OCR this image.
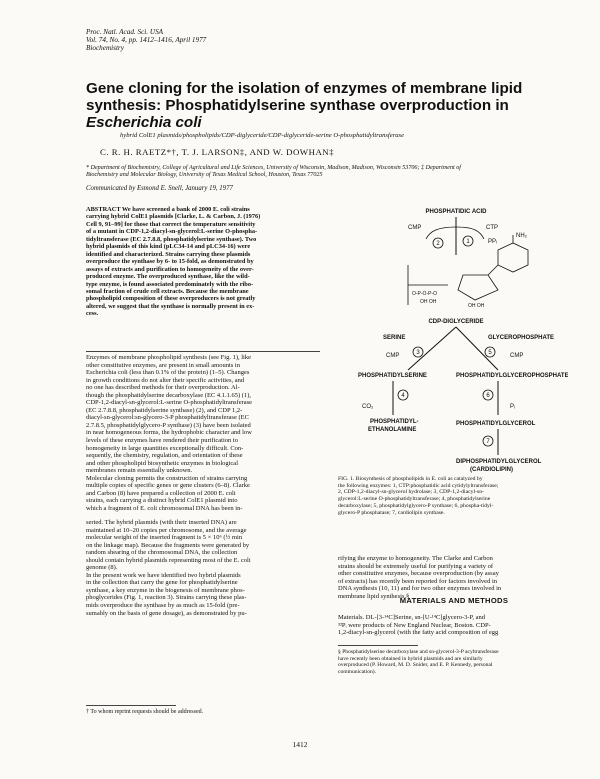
Proc. Natl. Acad. Sci. USA
Vol. 74, No. 4, pp. 1412–1416, April 1977
Biochemistry
Gene cloning for the isolation of enzymes of membrane lipid
synthesis: Phosphatidylserine synthase overproduction in
Escherichia coli
hybrid ColE1 plasmids/phospholipids/CDP-diglyceride/CDP-diglyceride-serine O-phosphatidyltransferase
C. R. H. RAETZ*†, T. J. LARSON‡, AND W. DOWHAN‡
* Department of Biochemistry, College of Agricultural and Life Sciences, University of Wisconsin, Madison, Madison, Wisconsin 53706; ‡ Department of
Biochemistry and Molecular Biology, University of Texas Medical School, Houston, Texas 77025
Communicated by Esmond E. Snell, January 19, 1977
ABSTRACT We have screened a bank of 2000 E. coli strains
carrying hybrid ColE1 plasmids [Clarke, L. & Carbon, J. (1976)
Cell 9, 91–99] for those that correct the temperature sensitivity
of a mutant in CDP-1,2-diacyl-sn-glycerol:L-serine O-phospha-
tidyltransferase (EC 2.7.8.8, phosphatidylserine synthase). Two
hybrid plasmids of this kind (pLC34-14 and pLC34-16) were
identified and characterized. Strains carrying these plasmids
overproduce the synthase by 6- to 15-fold, as demonstrated by
assays of extracts and purification to homogeneity of the over-
produced enzyme. The overproduced synthase, like the wild-
type enzyme, is found associated predominately with the ribo-
somal fraction of crude cell extracts. Because the membrane
phospholipid composition of these overproducers is not greatly
altered, we suggest that the synthase is normally present in ex-
cess.
Enzymes of membrane phospholipid synthesis (see Fig. 1), like
other constitutive enzymes, are present in small amounts in
Escherichia coli (less than 0.1% of the protein) (1–5). Changes
in growth conditions do not alter their specific activities, and
no one has described methods for their overproduction. Al-
though the phosphatidylserine decarboxylase (EC 4.1.1.65) (1),
CDP-1,2-diacyl-sn-glycerol:L-serine O-phosphatidyltransferase
(EC 2.7.8.8, phosphatidylserine synthase) (2), and CDP 1,2-
diacyl-sn-glycerol:sn-glycero-3-P phosphatidyltransferase (EC
2.7.8.5, phosphatidylglycero-P synthase) (3) have been isolated
in near homogeneous forms, the hydrophobic character and low
levels of these enzymes have rendered their purification to
homogeneity in large quantities exceptionally difficult. Con-
sequently, the chemistry, regulation, and orientation of these
and other phospholipid biosynthetic enzymes in biological
membranes remain essentially unknown.
Molecular cloning permits the construction of strains carrying
multiple copies of specific genes or gene clusters (6–8). Clarke
and Carbon (8) have prepared a collection of 2000 E. coli
strains, each carrying a distinct hybrid ColE1 plasmid into
which a fragment of E. coli chromosomal DNA has been in-
serted. The hybrid plasmids (with their inserted DNA) are
maintained at 10–20 copies per chromosome, and the average
molecular weight of the inserted fragment is 5 × 10⁶ (½ min
on the linkage map). Because the fragments were generated by
random shearing of the chromosomal DNA, the collection
should contain hybrid plasmids representing most of the E. coli
genome (8).
In the present work we have identified two hybrid plasmids
in the collection that carry the gene for phosphatidylserine
synthase, a key enzyme in the biogenesis of membrane phos-
phoglycerides (Fig. 1, reaction 3). Strains carrying these plas-
mids overproduce the synthase by as much as 15-fold (pre-
sumably on the basis of gene dosage), as demonstrated by pu-
† To whom reprint requests should be addressed.
PHOSPHATIDIC ACID
CMP	CTP
PPᵢ
2	1
NH₂
O-P-O-P-O
OH OH
OH OH
CDP-DIGLYCERIDE
SERINE	GLYCEROPHOSPHATE
CMP	CMP
3	5
PHOSPHATIDYLSERINE	PHOSPHATIDYLGLYCEROPHOSPHATE
4
CO₂
PHOSPHATIDYL-
ETHANOLAMINE
6
Pᵢ
PHOSPHATIDYLGLYCEROL
7
DIPHOSPHATIDYLGLYCEROL
(CARDIOLIPIN)
FIG. 1. Biosynthesis of phospholipids in E. coli as catalyzed by
the following enzymes: 1, CTP:phosphatidic acid cytidylyltransferase;
2, CDP-1,2-diacyl-sn-glycerol hydrolase; 3, CDP-1,2-diacyl-sn-
glycerol:L-serine O-phosphatidyltransferase; 4, phosphatidylserine
decarboxylase; 5, phosphatidylglycero-P synthase; 6, phospha-tidyl-
glycero-P phosphatase; 7, cardiolipin synthase.
rifying the enzyme to homogeneity. The Clarke and Carbon
strains should be extremely useful for purifying a variety of
other constitutive enzymes, because overproduction (by assay
of extracts) has recently been reported for factors involved in
DNA synthesis (10, 11) and for two other enzymes involved in
membrane lipid synthesis.§
MATERIALS AND METHODS
Materials. DL-[3-¹⁴C]Serine, sn-[U-¹⁴C]glycero-3-P, and
³²Pᵢ were products of New England Nuclear, Boston. CDP-
1,2-diacyl-sn-glycerol (with the fatty acid composition of egg
§ Phosphatidylserine decarboxylase and sn-glycerol-3-P acyltransferase
have recently been obtained in hybrid plasmids and are similarly
overproduced (P. Howard, M. D. Snider, and E. P. Kennedy, personal
communication).
1412
